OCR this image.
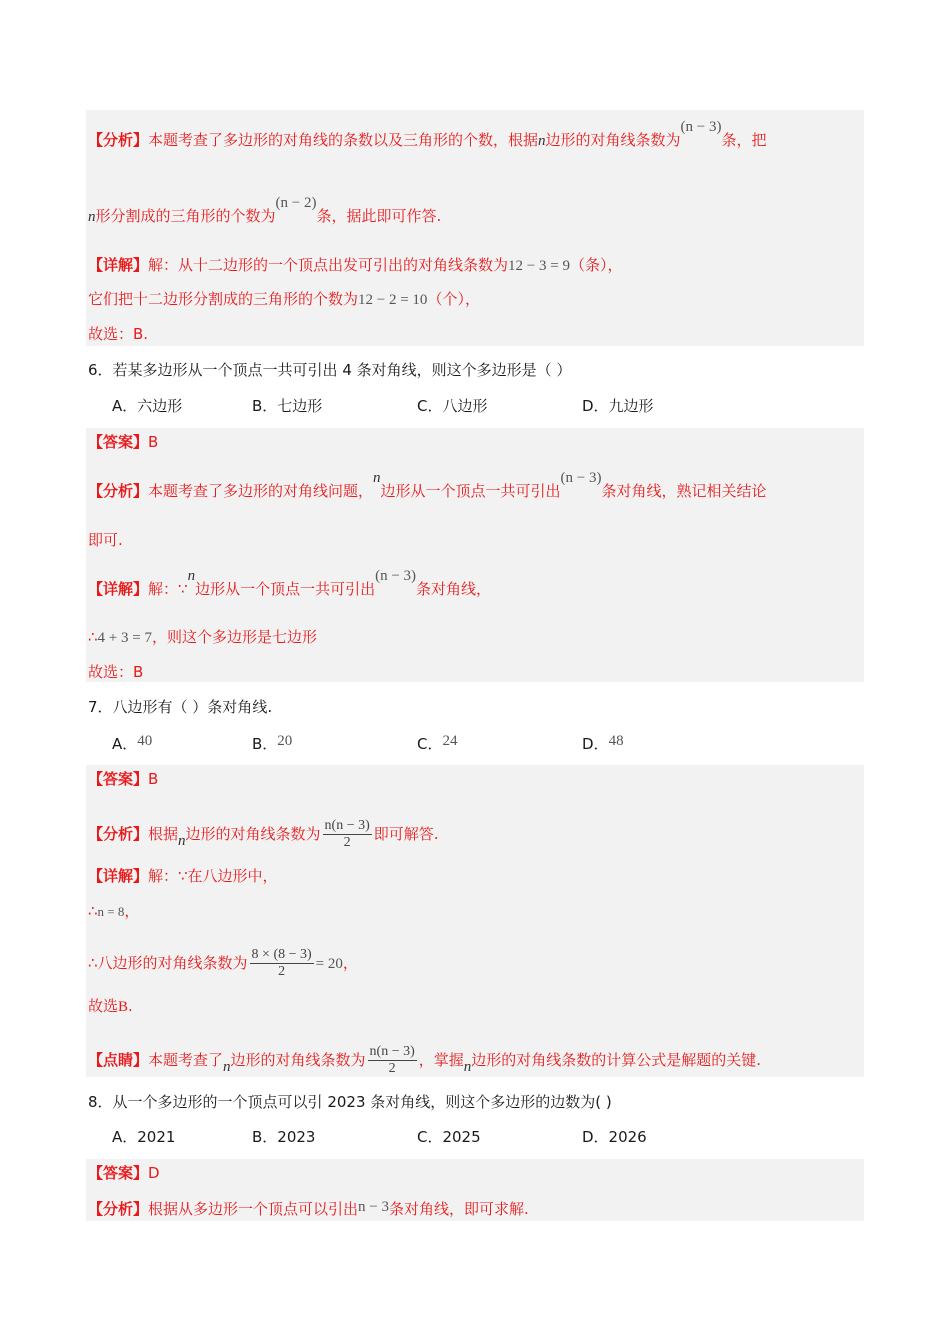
【分析】本题考查了多边形的对角线的条数以及三角形的个数，根据n边形的对角线条数为(n − 3)条，把
n形分割成的三角形的个数为(n − 2)条，据此即可作答.
【详解】解：从十二边形的一个顶点出发可引出的对角线条数为12 − 3 = 9（条），
它们把十二边形分割成的三角形的个数为12 − 2 = 10（个），
故选：B.
6．若某多边形从一个顶点一共可引出 4 条对角线，则这个多边形是（ ）
A．六边形	B．七边形	C．八边形	D．九边形
【答案】B
【分析】本题考查了多边形的对角线问题，n边形从一个顶点一共可引出(n − 3)条对角线，熟记相关结论
即可.
【详解】解：∵n边形从一个顶点一共可引出(n − 3)条对角线，
∴4 + 3 = 7，则这个多边形是七边形
故选：B
7．八边形有（ ）条对角线.
A．40	B．20	C．24	D．48
【答案】B
【分析】根据n边形的对角线条数为 $\frac{n(n - 3)}{2}$ 即可解答.
【详解】解：∵在八边形中，
∴n = 8，
∴八边形的对角线条数为 $\frac{8 \times (8 - 3)}{2} = 20$，
故选B.
【点睛】本题考查了n边形的对角线条数为 $\frac{n(n - 3)}{2}$ ，掌握n边形的对角线条数的计算公式是解题的关键.
8．从一个多边形的一个顶点可以引 2023 条对角线，则这个多边形的边数为( )
A．2021	B．2023	C．2025	D．2026
【答案】D
【分析】根据从多边形一个顶点可以引出n − 3条对角线，即可求解.
